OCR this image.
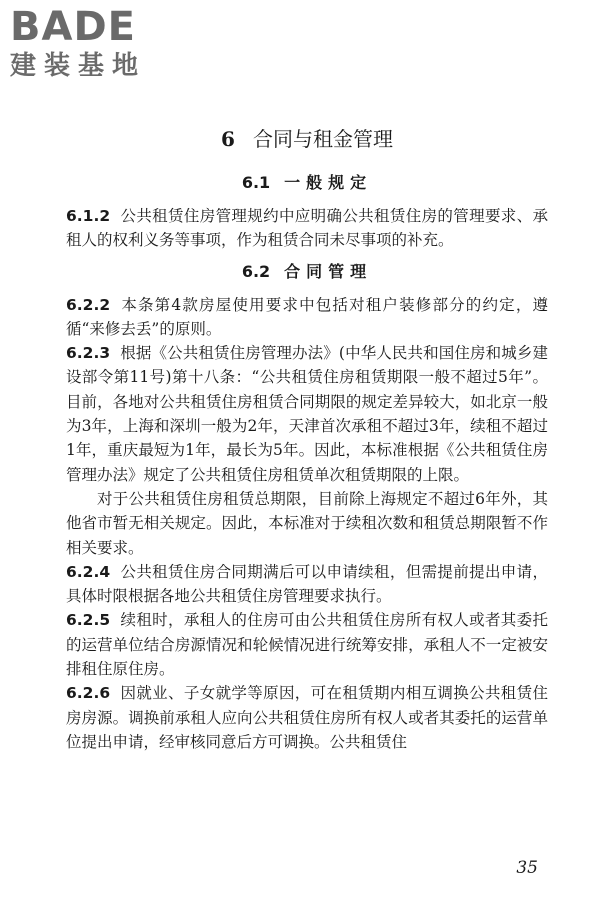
BADE
建装基地
6 合同与租金管理
6.1 一般规定

6.1.2 公共租赁住房管理规约中应明确公共租赁住房的管理要求、承租人的权利义务等事项，作为租赁合同未尽事项的补充。

6.2 合同管理

6.2.2 本条第4款房屋使用要求中包括对租户装修部分的约定，遵循“来修去丢”的原则。

6.2.3 根据《公共租赁住房管理办法》(中华人民共和国住房和城乡建设部令第11号)第十八条：“公共租赁住房租赁期限一般不超过5年”。目前，各地对公共租赁住房租赁合同期限的规定差异较大，如北京一般为3年，上海和深圳一般为2年，天津首次承租不超过3年，续租不超过1年，重庆最短为1年，最长为5年。因此，本标准根据《公共租赁住房管理办法》规定了公共租赁住房租赁单次租赁期限的上限。

对于公共租赁住房租赁总期限，目前除上海规定不超过6年外，其他省市暂无相关规定。因此，本标准对于续租次数和租赁总期限暂不作相关要求。

6.2.4 公共租赁住房合同期满后可以申请续租，但需提前提出申请，具体时限根据各地公共租赁住房管理要求执行。

6.2.5 续租时，承租人的住房可由公共租赁住房所有权人或者其委托的运营单位结合房源情况和轮候情况进行统筹安排，承租人不一定被安排租住原住房。

6.2.6 因就业、子女就学等原因，可在租赁期内相互调换公共租赁住房房源。调换前承租人应向公共租赁住房所有权人或者其委托的运营单位提出申请，经审核同意后方可调换。公共租赁住

35
